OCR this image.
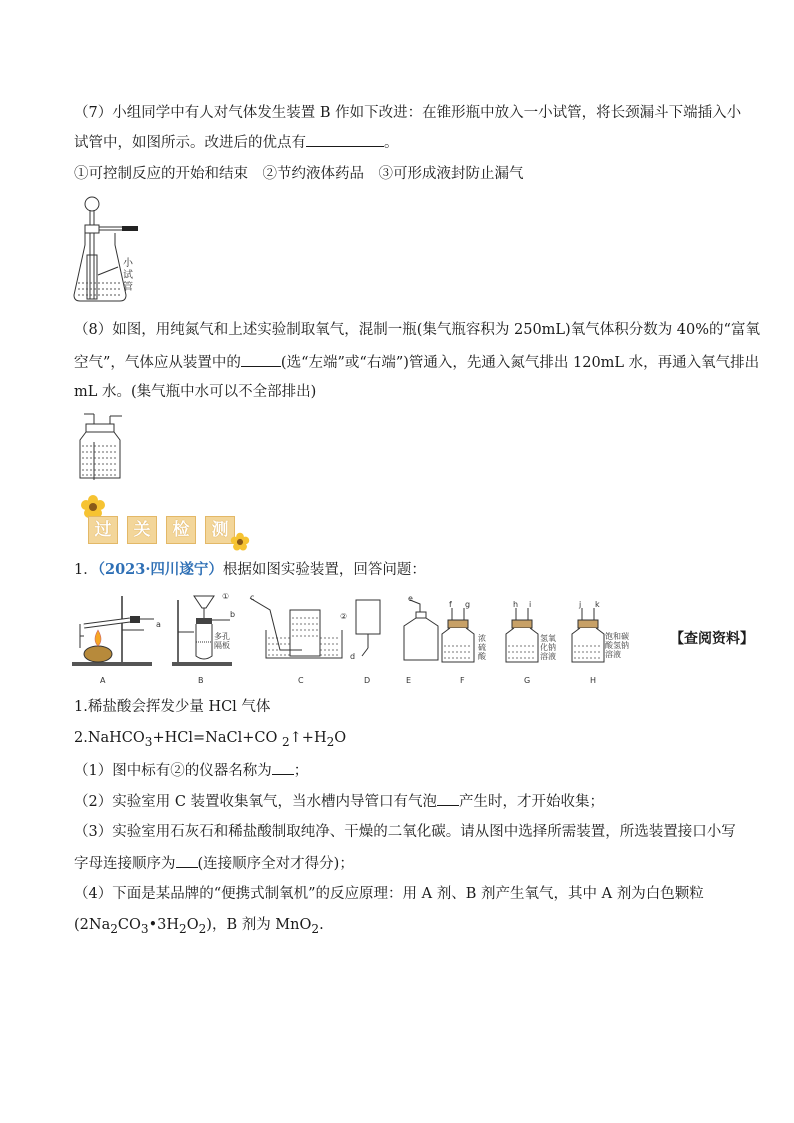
（7）小组同学中有人对气体发生装置 B 作如下改进：在锥形瓶中放入一小试管，将长颈漏斗下端插入小
试管中，如图所示。改进后的优点有	。
①可控制反应的开始和结束　②节约液体药品　③可形成液封防止漏气
小
试
管
（8）如图，用纯氮气和上述实验制取氧气，混制一瓶(集气瓶容积为 250mL)氧气体积分数为 40%的“富氧
空气”，气体应从装置中的	(选“左端”或“右端”)管通入，先通入氮气排出 120mL 水，再通入氧气排出
mL 水。(集气瓶中水可以不全部排出)
过	关	检	测
1．（2023·四川遂宁）根据如图实验装置，回答问题：
A	B	C	D	E	F	G	H
a
b
c
d
e
f g	h i	j k
①
②
多孔
隔板
浓
硫
酸
氢氧
化钠
溶液
饱和碳
酸氢钠
溶液
【查阅资料】
1.稀盐酸会挥发少量 HCl 气体
2.NaHCO$_3$+HCl=NaCl+CO $_2↑+H_2O$
（1）图中标有②的仪器名称为 ；
（2）实验室用 C 装置收集氧气，当水槽内导管口有气泡 产生时，才开始收集；
（3）实验室用石灰石和稀盐酸制取纯净、干燥的二氧化碳。请从图中选择所需装置，所选装置接口小写
字母连接顺序为 (连接顺序全对才得分)；
（4）下面是某品牌的“便携式制氧机”的反应原理：用 A 剂、B 剂产生氧气，其中 A 剂为白色颗粒
$(2Na_2CO_3•3H_2O_2)$，B 剂为 MnO$_2$.
